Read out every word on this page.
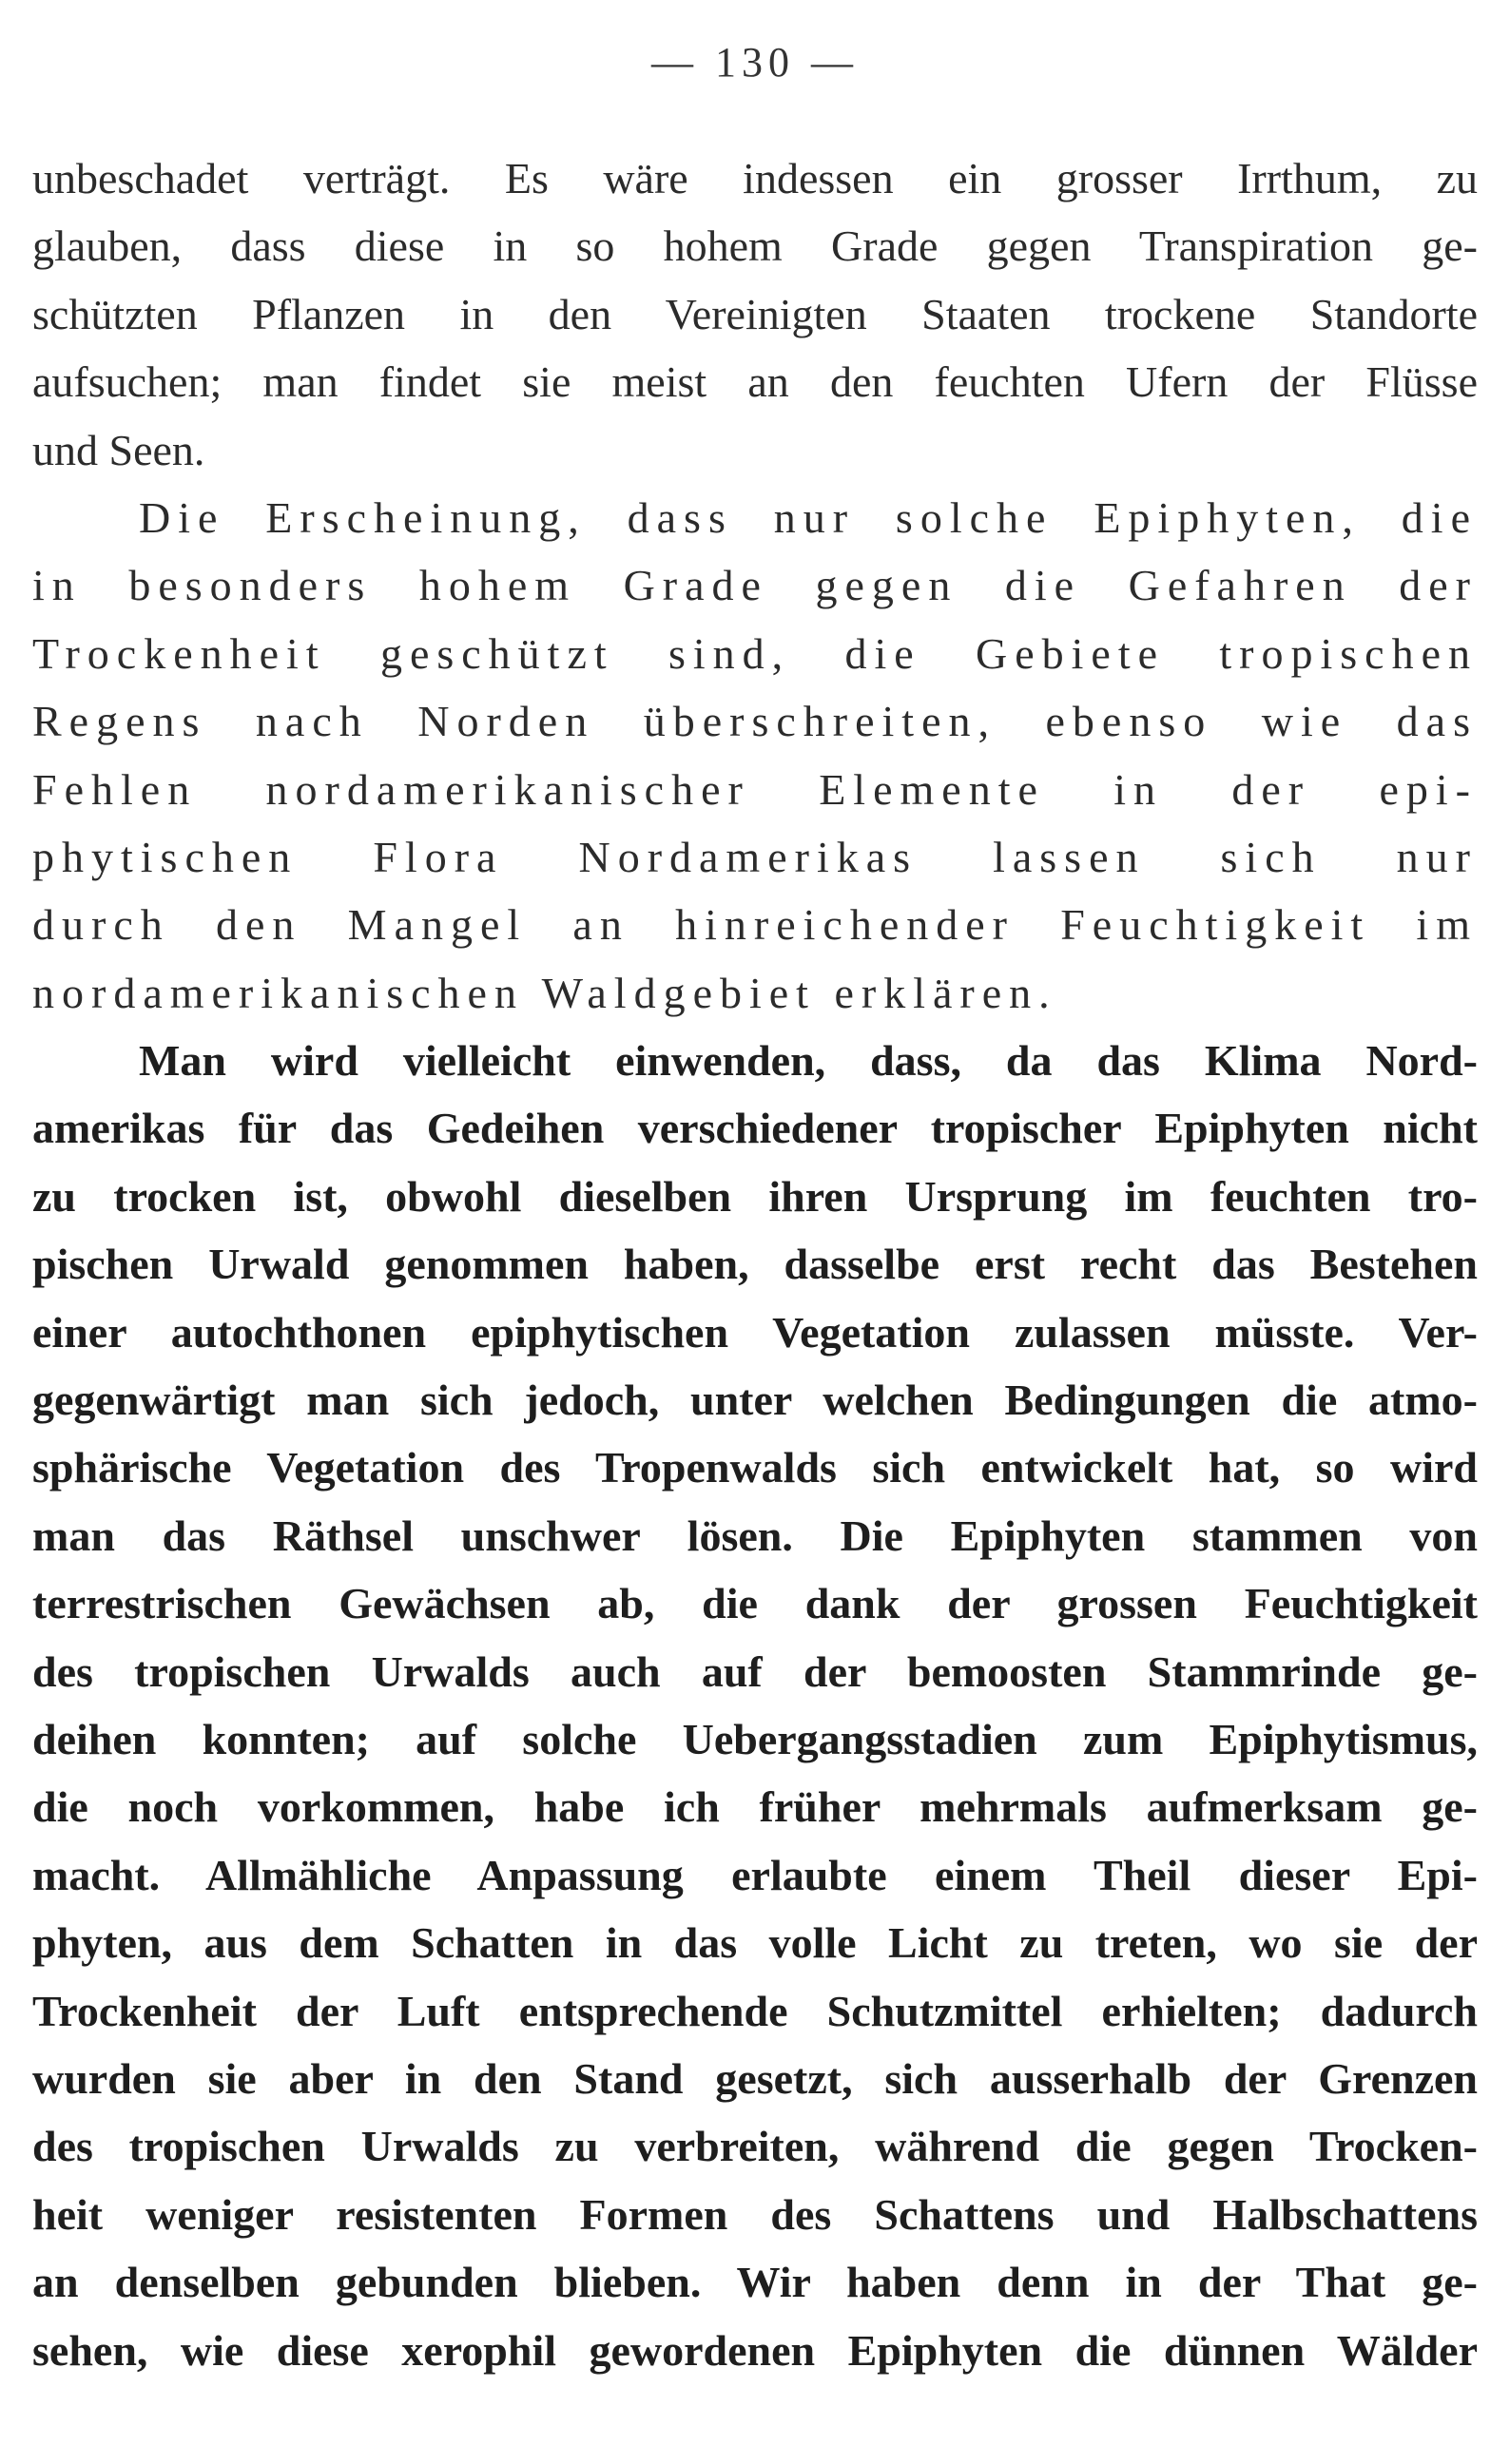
— 130 —
unbeschadet verträgt. Es wäre indessen ein grosser Irrthum, zu
glauben, dass diese in so hohem Grade gegen Transpiration ge-
schützten Pflanzen in den Vereinigten Staaten trockene Standorte
aufsuchen; man findet sie meist an den feuchten Ufern der Flüsse
und Seen.
Die Erscheinung, dass nur solche Epiphyten, die
in besonders hohem Grade gegen die Gefahren der
Trockenheit geschützt sind, die Gebiete tropischen
Regens nach Norden überschreiten, ebenso wie das
Fehlen nordamerikanischer Elemente in der epi-
phytischen Flora Nordamerikas lassen sich nur
durch den Mangel an hinreichender Feuchtigkeit im
nordamerikanischen Waldgebiet erklären.
Man wird vielleicht einwenden, dass, da das Klima Nord-
amerikas für das Gedeihen verschiedener tropischer Epiphyten nicht
zu trocken ist, obwohl dieselben ihren Ursprung im feuchten tro-
pischen Urwald genommen haben, dasselbe erst recht das Bestehen
einer autochthonen epiphytischen Vegetation zulassen müsste. Ver-
gegenwärtigt man sich jedoch, unter welchen Bedingungen die atmo-
sphärische Vegetation des Tropenwalds sich entwickelt hat, so wird
man das Räthsel unschwer lösen. Die Epiphyten stammen von
terrestrischen Gewächsen ab, die dank der grossen Feuchtigkeit
des tropischen Urwalds auch auf der bemoosten Stammrinde ge-
deihen konnten; auf solche Uebergangsstadien zum Epiphytismus,
die noch vorkommen, habe ich früher mehrmals aufmerksam ge-
macht. Allmähliche Anpassung erlaubte einem Theil dieser Epi-
phyten, aus dem Schatten in das volle Licht zu treten, wo sie der
Trockenheit der Luft entsprechende Schutzmittel erhielten; dadurch
wurden sie aber in den Stand gesetzt, sich ausserhalb der Grenzen
des tropischen Urwalds zu verbreiten, während die gegen Trocken-
heit weniger resistenten Formen des Schattens und Halbschattens
an denselben gebunden blieben. Wir haben denn in der That ge-
sehen, wie diese xerophil gewordenen Epiphyten die dünnen Wälder
